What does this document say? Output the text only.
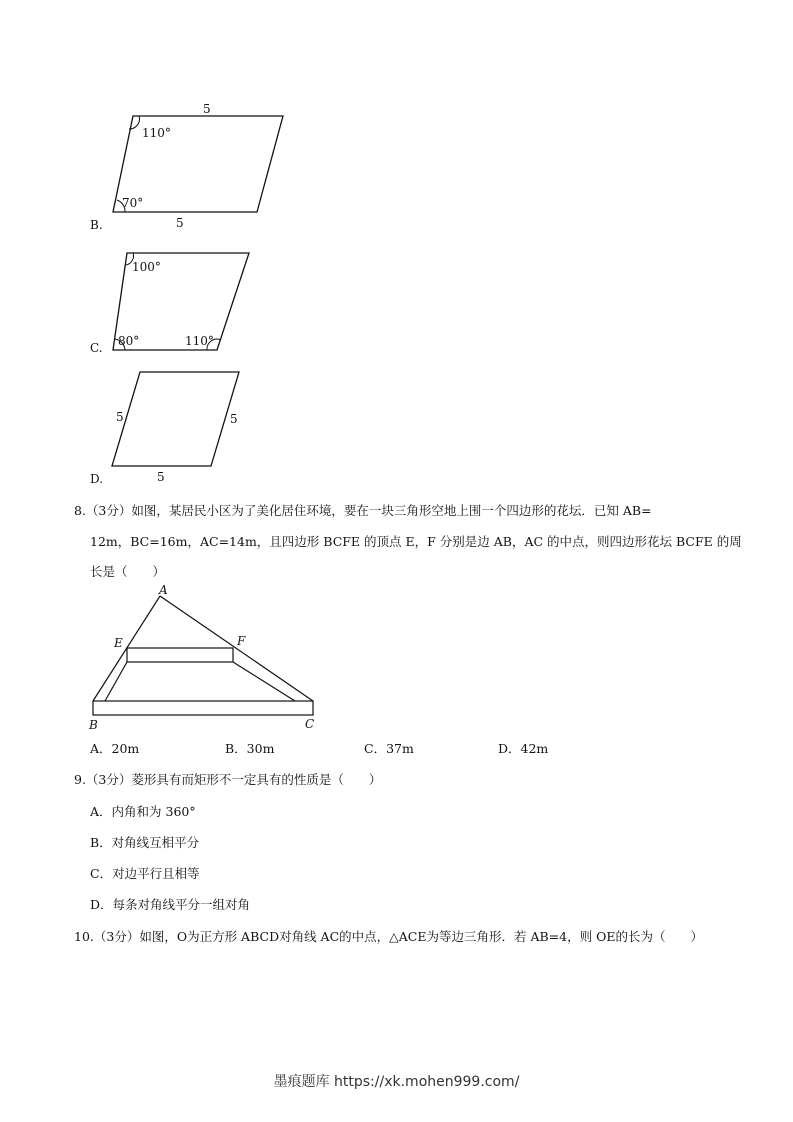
5
110°
70°
5
B.
100°
80°	110°
C.
5	5
5
D.
8.（3分）如图，某居民小区为了美化居住环境，要在一块三角形空地上围一个四边形的花坛．已知 AB=
12m，BC=16m，AC=14m，且四边形 BCFE 的顶点 E，F 分别是边 AB，AC 的中点，则四边形花坛 BCFE 的周
长是（　　）
A
E	F
B	C
A．20m	B．30m	C．37m	D．42m
9.（3分）菱形具有而矩形不一定具有的性质是（　　）
A．内角和为 360°
B．对角线互相平分
C．对边平行且相等
D．每条对角线平分一组对角
10.（3分）如图，O为正方形 ABCD对角线 AC的中点，△ACE为等边三角形．若 AB=4，则 OE的长为（　　）
墨痕题库 https://xk.mohen999.com/
